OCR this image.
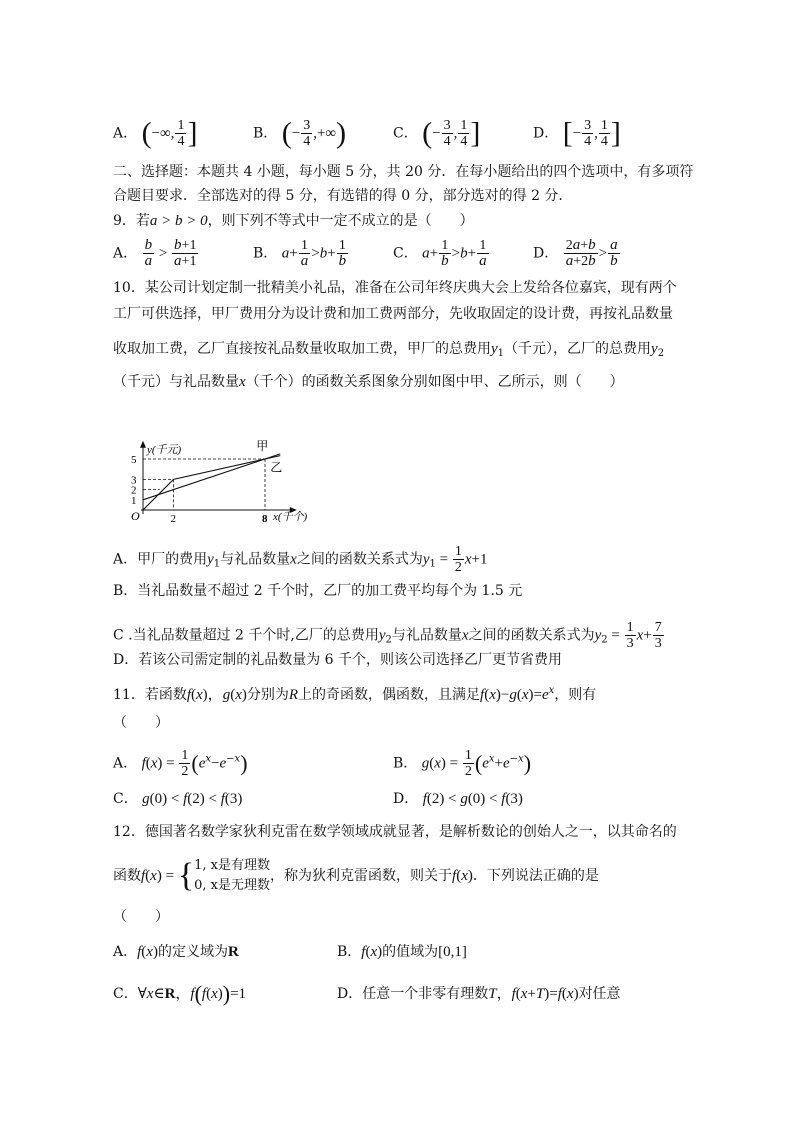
A． (−∞, $\frac{1}{4}$ ]	B． (− $\frac{3}{4}$ ,+∞)	C． (− $\frac{3}{4}$ , $\frac{1}{4}$ ]	D． [− $\frac{3}{4}$ , $\frac{1}{4}$ ]
二、选择题：本题共 4 小题，每小题 5 分，共 20 分．在每小题给出的四个选项中，有多项符
合题目要求．全部选对的得 5 分，有选错的得 0 分，部分选对的得 2 分．
9．若a > b > 0，则下列不等式中一定不成立的是（　　）
A． $\frac{b}{a} > \frac{b+1}{a+1}$	B． $a+ \frac{1}{a} >b+ \frac{1}{b}$	C． $a+ \frac{1}{b} >b+ \frac{1}{a}$	D． $\frac{2a+b}{a+2b} > \frac{a}{b}$
10．某公司计划定制一批精美小礼品，准备在公司年终庆典大会上发给各位嘉宾，现有两个
工厂可供选择，甲厂费用分为设计费和加工费两部分，先收取固定的设计费，再按礼品数量
收取加工费，乙厂直接按礼品数量收取加工费，甲厂的总费用$y_1$（千元），乙厂的总费用$y_2$
（千元）与礼品数量x（千个）的函数关系图象分别如图中甲、乙所示，则（　　）
y(千元)
x(千个)
O
1
2
3
5
2	8
甲
乙
A．甲厂的费用$y_1$与礼品数量x之间的函数关系式为$y_1 = \frac{1}{2} x+1$
B．当礼品数量不超过 2 千个时，乙厂的加工费平均每个为 1.5 元
C .当礼品数量超过 2 千个时,乙厂的总费用$y_2$与礼品数量x之间的函数关系式为$y_2 = \frac{1}{3} x+ \frac{7}{3}$
D．若该公司需定制的礼品数量为 6 千个，则该公司选择乙厂更节省费用
11．若函数f(x)，g(x)分别为R上的奇函数，偶函数，且满足$f(x)-g(x)=e^x$，则有
（　　）
A． $f(x) = \frac{1}{2} (e^x-e^{-x})$	B． $g(x) = \frac{1}{2} (e^x+e^{-x})$
C． g(0) < f(2) < f(3)	D． f(2) < g(0) < f(3)
12．德国著名数学家狄利克雷在数学领域成就显著，是解析数论的创始人之一，以其命名的
函数f(x) = { 1, x是有理数
0, x是无理数
，称为狄利克雷函数，则关于f(x)．下列说法正确的是
（　　）
A．f(x)的定义域为R	B．f(x)的值域为[0,1]
C．∀x∈R，f(f(x))=1	D．任意一个非零有理数T，f(x+T)=f(x)对任意
